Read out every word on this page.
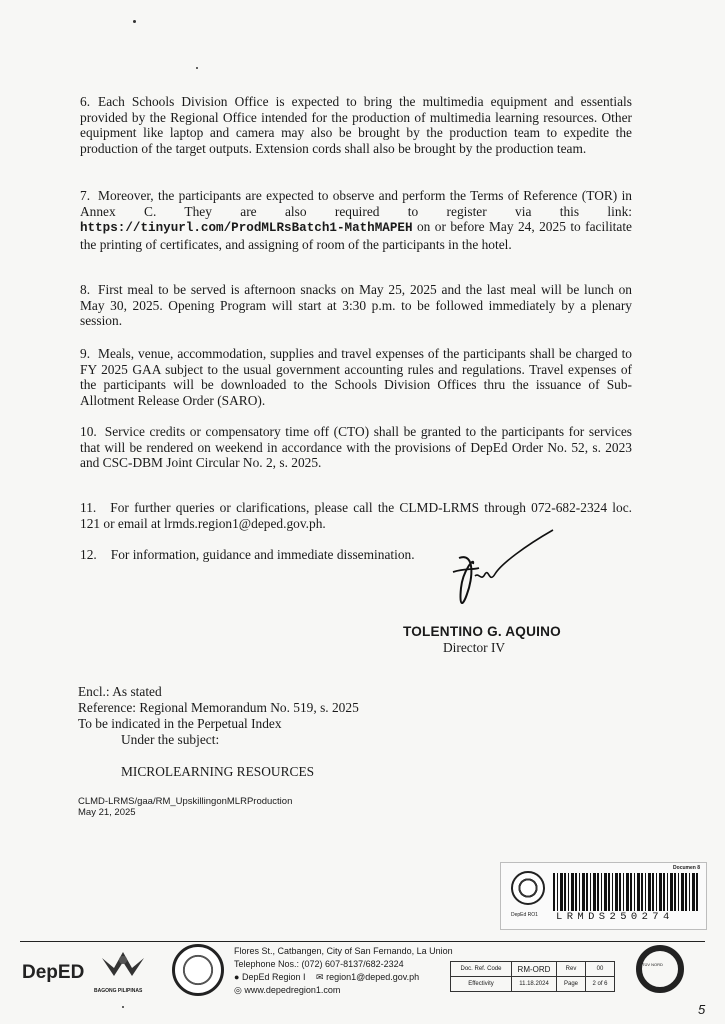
6. Each Schools Division Office is expected to bring the multimedia equipment and essentials provided by the Regional Office intended for the production of multimedia learning resources. Other equipment like laptop and camera may also be brought by the production team to expedite the production of the target outputs. Extension cords shall also be brought by the production team.
7. Moreover, the participants are expected to observe and perform the Terms of Reference (TOR) in Annex C. They are also required to register via this link: https://tinyurl.com/ProdMLRsBatch1-MathMAPEH on or before May 24, 2025 to facilitate the printing of certificates, and assigning of room of the participants in the hotel.
8. First meal to be served is afternoon snacks on May 25, 2025 and the last meal will be lunch on May 30, 2025. Opening Program will start at 3:30 p.m. to be followed immediately by a plenary session.
9. Meals, venue, accommodation, supplies and travel expenses of the participants shall be charged to FY 2025 GAA subject to the usual government accounting rules and regulations. Travel expenses of the participants will be downloaded to the Schools Division Offices thru the issuance of Sub-Allotment Release Order (SARO).
10. Service credits or compensatory time off (CTO) shall be granted to the participants for services that will be rendered on weekend in accordance with the provisions of DepEd Order No. 52, s. 2023 and CSC-DBM Joint Circular No. 2, s. 2025.
11. For further queries or clarifications, please call the CLMD-LRMS through 072-682-2324 loc. 121 or email at lrmds.region1@deped.gov.ph.
12. For information, guidance and immediate dissemination.
TOLENTINO G. AQUINO
Director IV
Encl.: As stated
Reference: Regional Memorandum No. 519, s. 2025
To be indicated in the Perpetual Index
Under the subject:
MICROLEARNING RESOURCES
CLMD-LRMS/gaa/RM_UpskillingonMLRProduction
May 21, 2025
Documen 8
DepEd RO1 LRMDS250274
DepED
BAGONG PILIPINAS
Flores St., Catbangen, City of San Fernando, La Union
Telephone Nos.: (072) 607-8137/682-2324
● DepEd Region I ✉ region1@deped.gov.ph
◎ www.depedregion1.com
Doc. Ref. Code	RM-ORD	Rev	00
Effectivity	11.18.2024	Page	2 of 6
TÜV NORD
5
